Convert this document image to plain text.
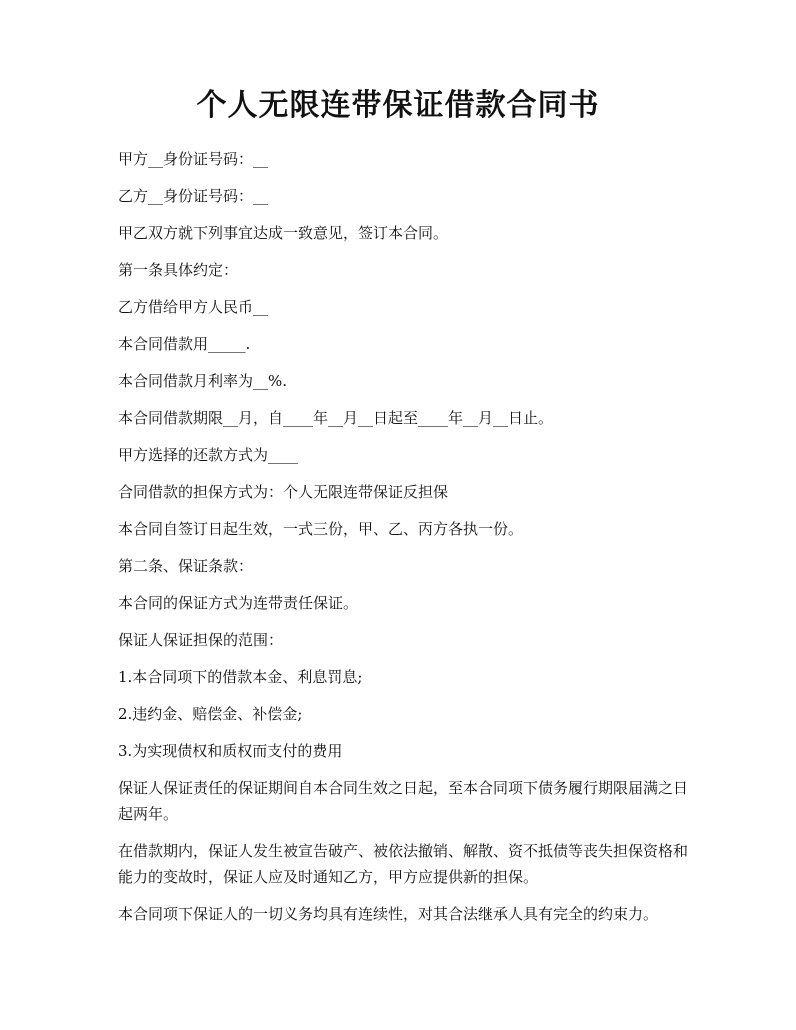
个人无限连带保证借款合同书

甲方__身份证号码：__

乙方__身份证号码：__

甲乙双方就下列事宜达成一致意见，签订本合同。

第一条具体约定：

乙方借给甲方人民币__

本合同借款用_____.

本合同借款月利率为__%.

本合同借款期限__月，自____年__月__日起至____年__月__日止。

甲方选择的还款方式为____

合同借款的担保方式为：个人无限连带保证反担保

本合同自签订日起生效，一式三份，甲、乙、丙方各执一份。

第二条、保证条款：

本合同的保证方式为连带责任保证。

保证人保证担保的范围：

1.本合同项下的借款本金、利息罚息;

2.违约金、赔偿金、补偿金;

3.为实现债权和质权而支付的费用

保证人保证责任的保证期间自本合同生效之日起，至本合同项下债务履行期限届满之日起两年。

在借款期内，保证人发生被宣告破产、被依法撤销、解散、资不抵债等丧失担保资格和能力的变故时，保证人应及时通知乙方，甲方应提供新的担保。

本合同项下保证人的一切义务均具有连续性，对其合法继承人具有完全的约束力。
